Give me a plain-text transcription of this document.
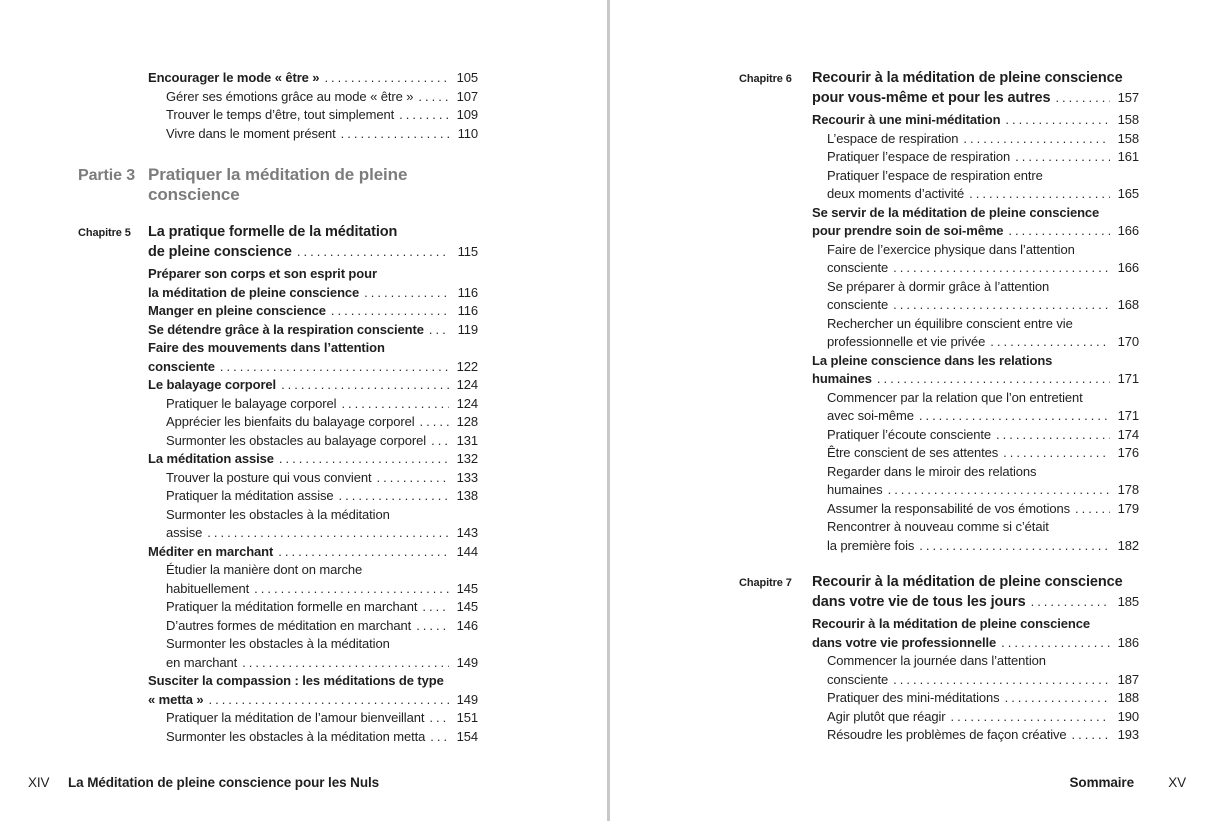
Encourager le mode « être » .....	105
Gérer ses émotions grâce au mode « être » .....	107
Trouver le temps d’être, tout simplement .....	109
Vivre dans le moment présent .....	110
Partie 3 Pratiquer la méditation de pleine
conscience
Chapitre 5 La pratique formelle de la méditation
de pleine conscience .....	115
Préparer son corps et son esprit pour
la méditation de pleine conscience .....	116
Manger en pleine conscience .....	116
Se détendre grâce à la respiration consciente .....	119
Faire des mouvements dans l’attention
consciente .....	122
Le balayage corporel .....	124
Pratiquer le balayage corporel .....	124
Apprécier les bienfaits du balayage corporel .....	128
Surmonter les obstacles au balayage corporel .....	131
La méditation assise .....	132
Trouver la posture qui vous convient .....	133
Pratiquer la méditation assise .....	138
Surmonter les obstacles à la méditation
assise .....	143
Méditer en marchant .....	144
Étudier la manière dont on marche
habituellement .....	145
Pratiquer la méditation formelle en marchant .....	145
D’autres formes de méditation en marchant .....	146
Surmonter les obstacles à la méditation
en marchant .....	149
Susciter la compassion : les méditations de type
« metta » .....	149
Pratiquer la méditation de l’amour bienveillant .....	151
Surmonter les obstacles à la méditation metta .....	154
Chapitre 6 Recourir à la méditation de pleine conscience
pour vous-même et pour les autres .....	157
Recourir à une mini-méditation .....	158
L’espace de respiration .....	158
Pratiquer l’espace de respiration .....	161
Pratiquer l’espace de respiration entre
deux moments d’activité .....	165
Se servir de la méditation de pleine conscience
pour prendre soin de soi-même .....	166
Faire de l’exercice physique dans l’attention
consciente .....	166
Se préparer à dormir grâce à l’attention
consciente .....	168
Rechercher un équilibre conscient entre vie
professionnelle et vie privée .....	170
La pleine conscience dans les relations
humaines .....	171
Commencer par la relation que l’on entretient
avec soi-même .....	171
Pratiquer l’écoute consciente .....	174
Être conscient de ses attentes .....	176
Regarder dans le miroir des relations
humaines .....	178
Assumer la responsabilité de vos émotions .....	179
Rencontrer à nouveau comme si c’était
la première fois .....	182
Chapitre 7 Recourir à la méditation de pleine conscience
dans votre vie de tous les jours .....	185
Recourir à la méditation de pleine conscience
dans votre vie professionnelle .....	186
Commencer la journée dans l’attention
consciente .....	187
Pratiquer des mini-méditations .....	188
Agir plutôt que réagir .....	190
Résoudre les problèmes de façon créative .....	193
XIV La Méditation de pleine conscience pour les Nuls	Sommaire	XV
